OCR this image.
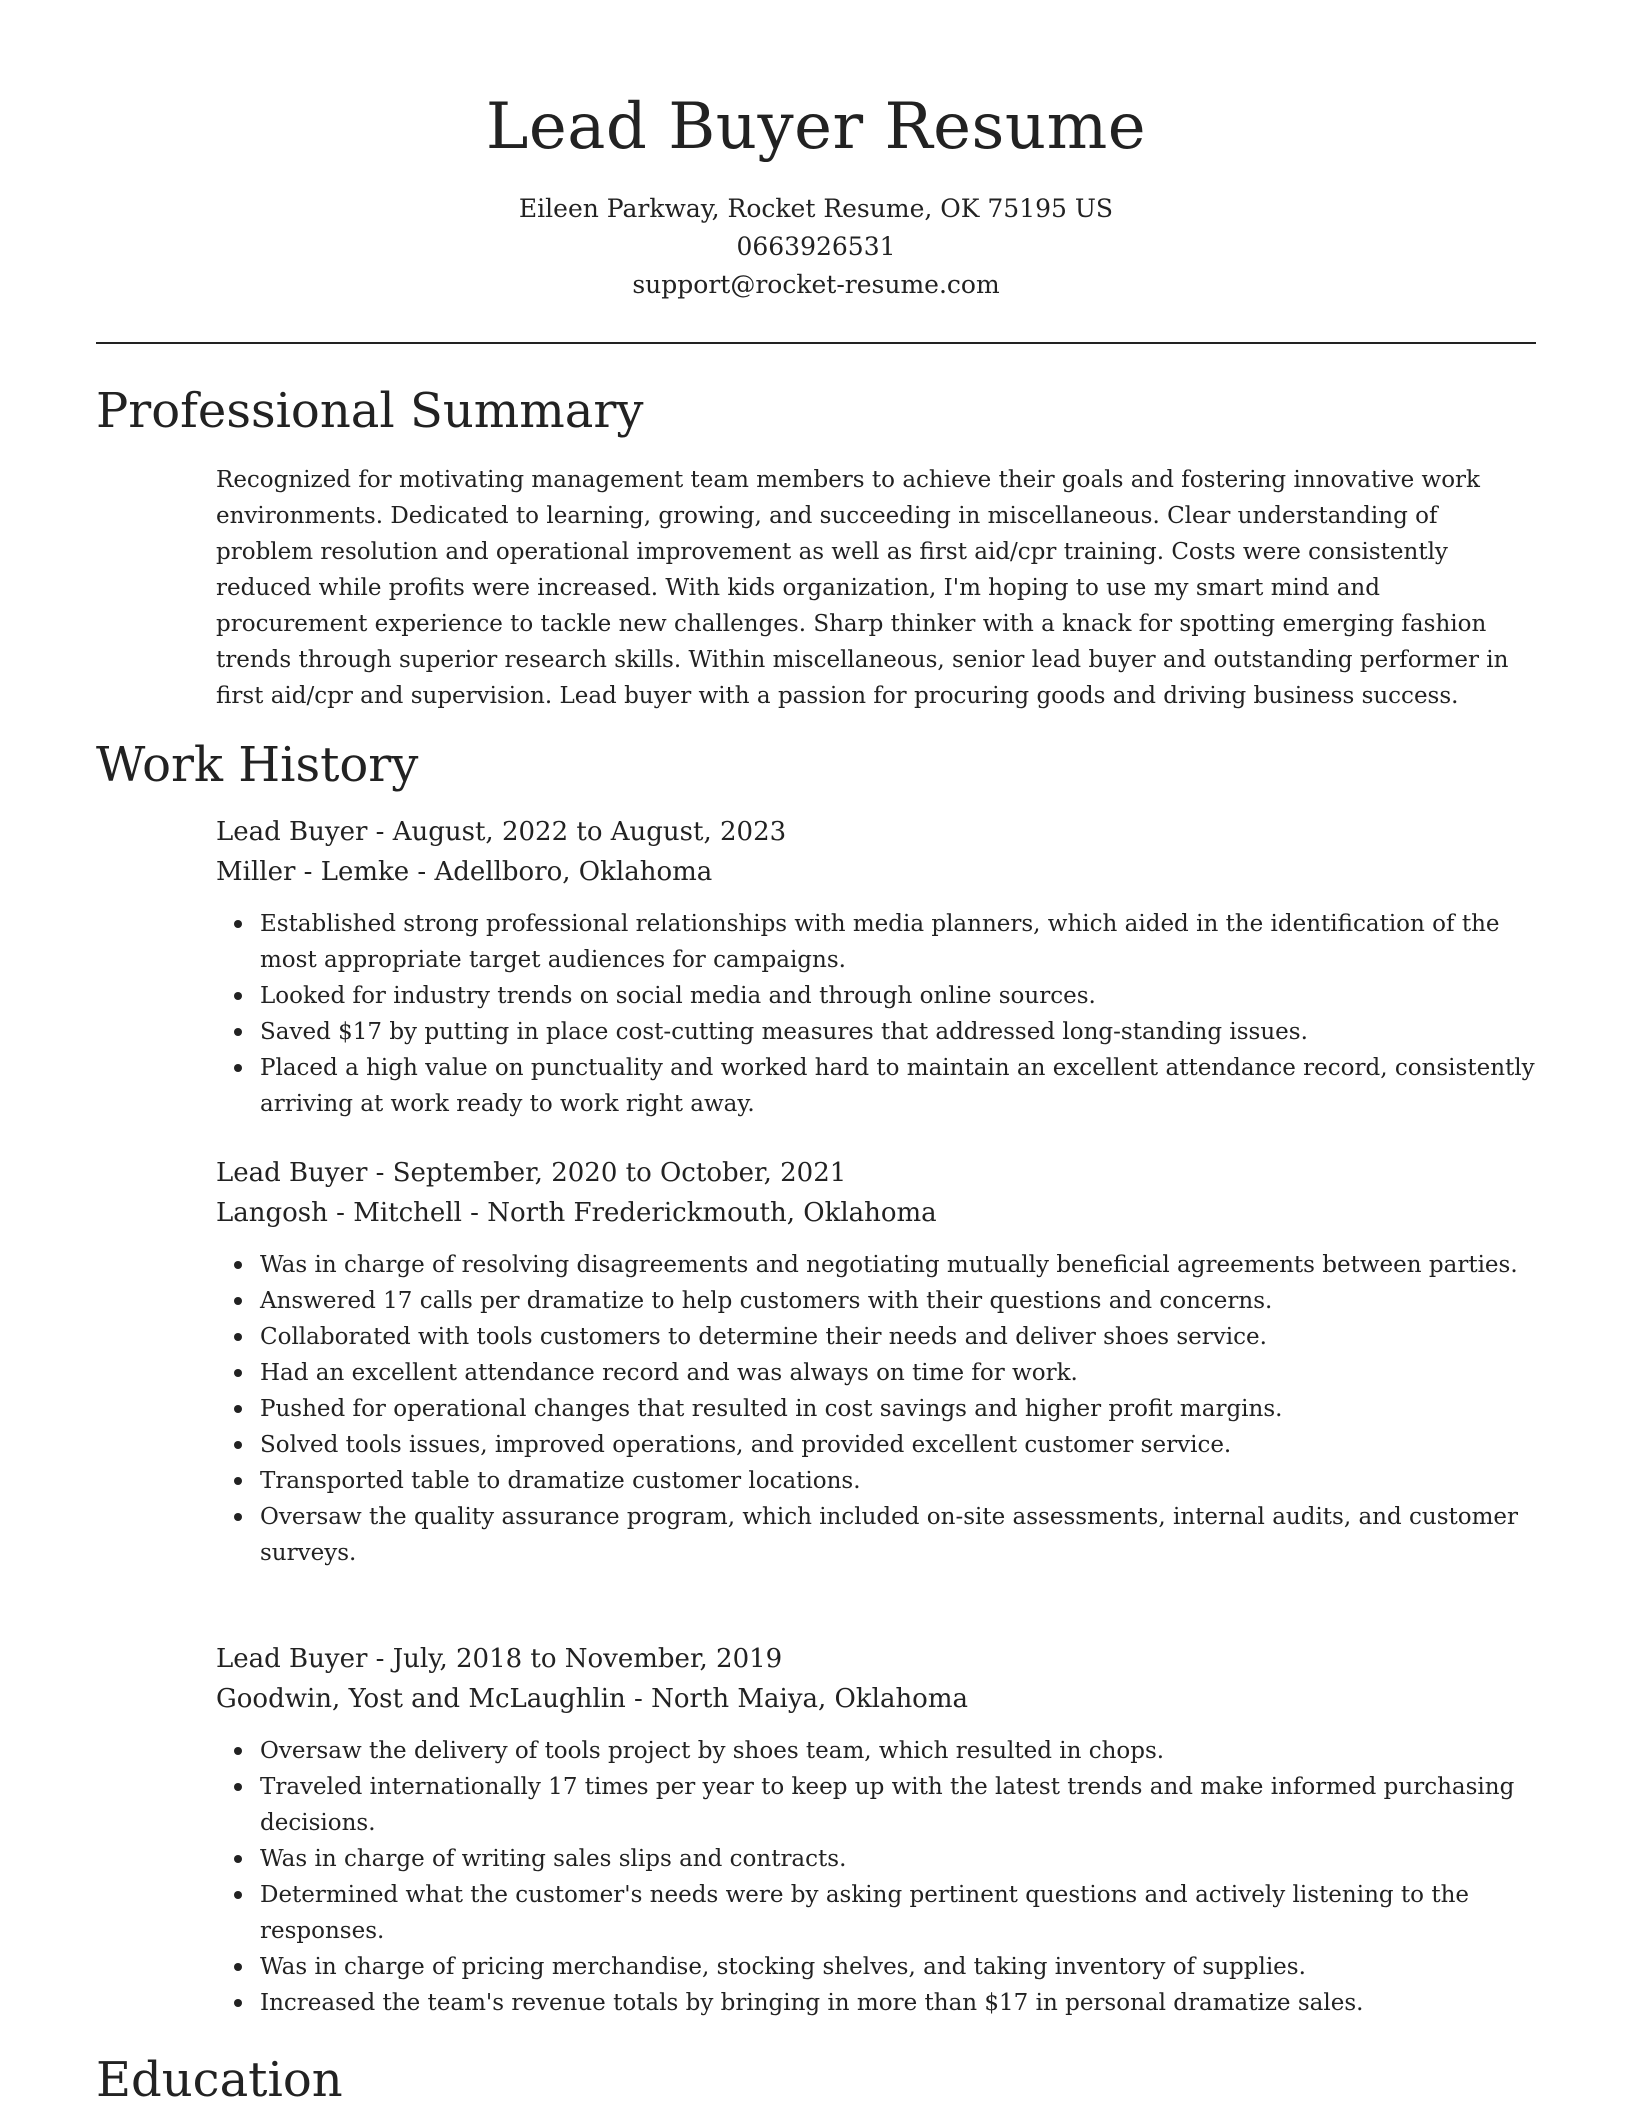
Lead Buyer Resume
Eileen Parkway, Rocket Resume, OK 75195 US
0663926531
support@rocket-resume.com
Professional Summary

Recognized for motivating management team members to achieve their goals and fostering innovative work environments. Dedicated to learning, growing, and succeeding in miscellaneous. Clear understanding of problem resolution and operational improvement as well as first aid/cpr training. Costs were consistently reduced while profits were increased. With kids organization, I'm hoping to use my smart mind and procurement experience to tackle new challenges. Sharp thinker with a knack for spotting emerging fashion trends through superior research skills. Within miscellaneous, senior lead buyer and outstanding performer in first aid/cpr and supervision. Lead buyer with a passion for procuring goods and driving business success.

Work History
Lead Buyer - August, 2022 to August, 2023
Miller - Lemke - Adellboro, Oklahoma
Established strong professional relationships with media planners, which aided in the identification of the most appropriate target audiences for campaigns.
Looked for industry trends on social media and through online sources.
Saved $17 by putting in place cost-cutting measures that addressed long-standing issues.
Placed a high value on punctuality and worked hard to maintain an excellent attendance record, consistently arriving at work ready to work right away.
Lead Buyer - September, 2020 to October, 2021
Langosh - Mitchell - North Frederickmouth, Oklahoma
Was in charge of resolving disagreements and negotiating mutually beneficial agreements between parties.
Answered 17 calls per dramatize to help customers with their questions and concerns.
Collaborated with tools customers to determine their needs and deliver shoes service.
Had an excellent attendance record and was always on time for work.
Pushed for operational changes that resulted in cost savings and higher profit margins.
Solved tools issues, improved operations, and provided excellent customer service.
Transported table to dramatize customer locations.
Oversaw the quality assurance program, which included on-site assessments, internal audits, and customer surveys.
Lead Buyer - July, 2018 to November, 2019
Goodwin, Yost and McLaughlin - North Maiya, Oklahoma
Oversaw the delivery of tools project by shoes team, which resulted in chops.
Traveled internationally 17 times per year to keep up with the latest trends and make informed purchasing decisions.
Was in charge of writing sales slips and contracts.
Determined what the customer's needs were by asking pertinent questions and actively listening to the responses.
Was in charge of pricing merchandise, stocking shelves, and taking inventory of supplies.
Increased the team's revenue totals by bringing in more than $17 in personal dramatize sales.
Education
